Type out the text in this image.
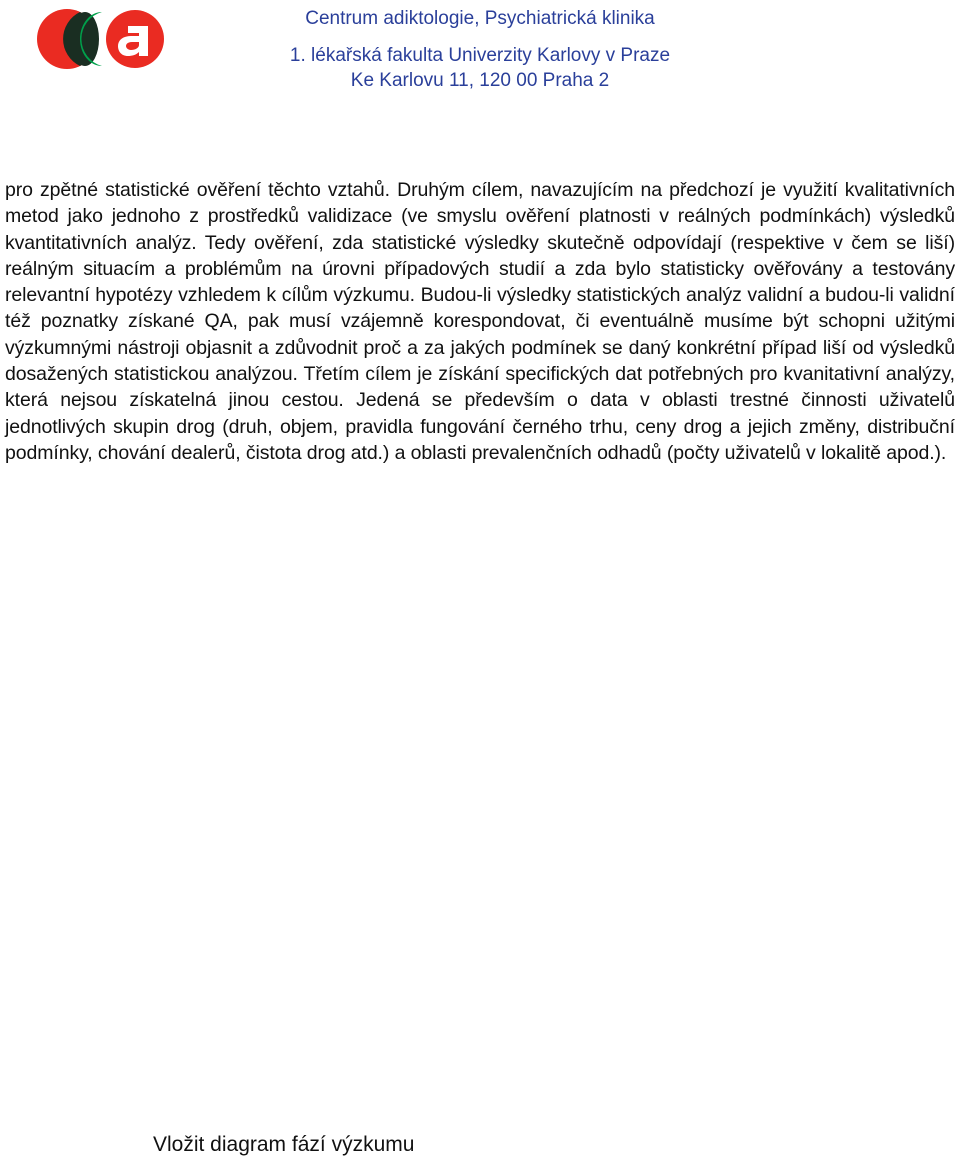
Centrum adiktologie, Psychiatrická klinika
1. lékařská fakulta Univerzity Karlovy v Praze
Ke Karlovu 11, 120 00 Praha 2

pro zpětné statistické ověření těchto vztahů. Druhým cílem, navazujícím na předchozí je využití kvalitativních metod jako jednoho z prostředků validizace (ve smyslu ověření platnosti v reálných podmínkách) výsledků kvantitativních analýz. Tedy ověření, zda statistické výsledky skutečně odpovídají (respektive v čem se liší) reálným situacím a problémům na úrovni případových studií a zda bylo statisticky ověřovány a testovány relevantní hypotézy vzhledem k cílům výzkumu. Budou-li výsledky statistických analýz validní a budou-li validní též poznatky získané QA, pak musí vzájemně korespondovat, či eventuálně musíme být schopni užitými výzkumnými nástroji objasnit a zdůvodnit proč a za jakých podmínek se daný konkrétní případ liší od výsledků dosažených statistickou analýzou. Třetím cílem je získání specifických dat potřebných pro kvanitativní analýzy, která nejsou získatelná jinou cestou. Jedená se především o data v oblasti trestné činnosti uživatelů jednotlivých skupin drog (druh, objem, pravidla fungování černého trhu, ceny drog a jejich změny, distribuční podmínky, chování dealerů, čistota drog atd.) a oblasti prevalenčních odhadů (počty uživatelů v lokalitě apod.).

Vložit diagram fází výzkumu
